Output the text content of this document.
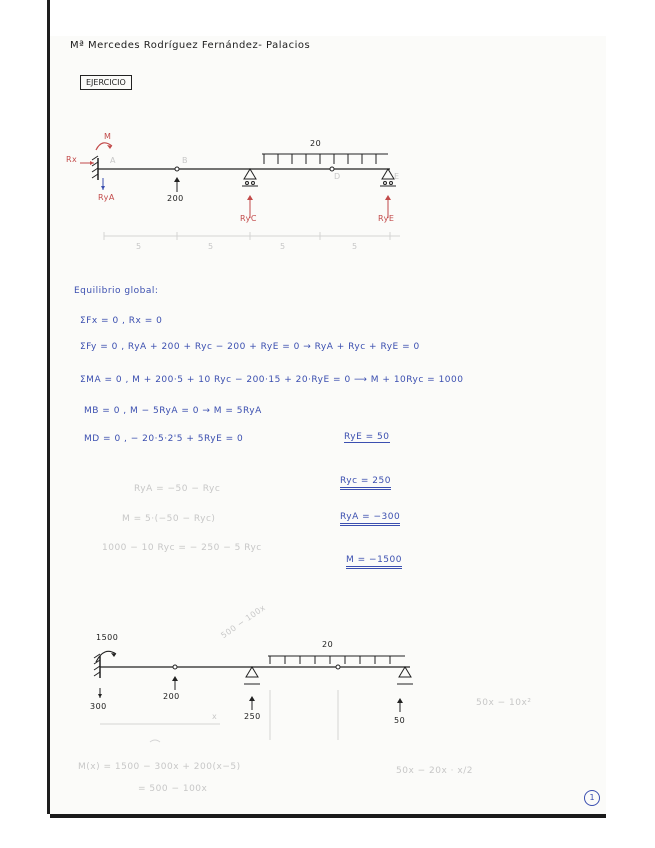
Mª Mercedes Rodríguez Fernández- Palacios
EJERCICIO
20
M
Rx
RyA
A	B
D	E
200
RyC	RyE
5	5	5	5
Equilibrio global:
ΣFx = 0 , Rx = 0
ΣFy = 0 , RyA + 200 + Ryc − 200 + RyE = 0 → RyA + Ryc + RyE = 0
ΣMA = 0 , M + 200·5 + 10 Ryc − 200·15 + 20·RyE = 0 ⟶ M + 10Ryc = 1000
MB = 0 , M − 5RyA = 0 → M = 5RyA
MD = 0 , − 20·5·2'5 + 5RyE = 0	RyE = 50
RyA = −50 − Ryc
M = 5·(−50 − Ryc)
1000 − 10 Ryc = − 250 − 5 Ryc
Ryc = 250
RyA = −300
M = −1500
1500
20
300
200
250	50
500 − 100x
x
M(x) = 1500 − 300x + 200(x−5)
= 500 − 100x
50x − 10x²
50x − 20x · x/2
1
